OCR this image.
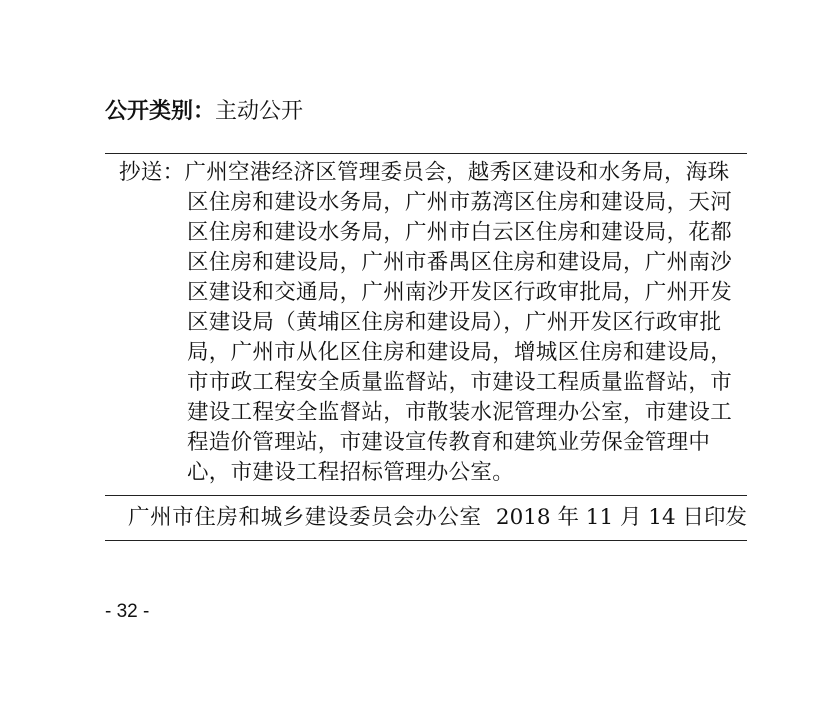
公开类别：主动公开
抄送：广州空港经济区管理委员会，越秀区建设和水务局，海珠
区住房和建设水务局，广州市荔湾区住房和建设局，天河
区住房和建设水务局，广州市白云区住房和建设局，花都
区住房和建设局，广州市番禺区住房和建设局，广州南沙
区建设和交通局，广州南沙开发区行政审批局，广州开发
区建设局（黄埔区住房和建设局），广州开发区行政审批
局，广州市从化区住房和建设局，增城区住房和建设局，
市市政工程安全质量监督站，市建设工程质量监督站，市
建设工程安全监督站，市散装水泥管理办公室，市建设工
程造价管理站，市建设宣传教育和建筑业劳保金管理中
心，市建设工程招标管理办公室。
广州市住房和城乡建设委员会办公室 2018 年 11 月 14 日印发
- 32 -
